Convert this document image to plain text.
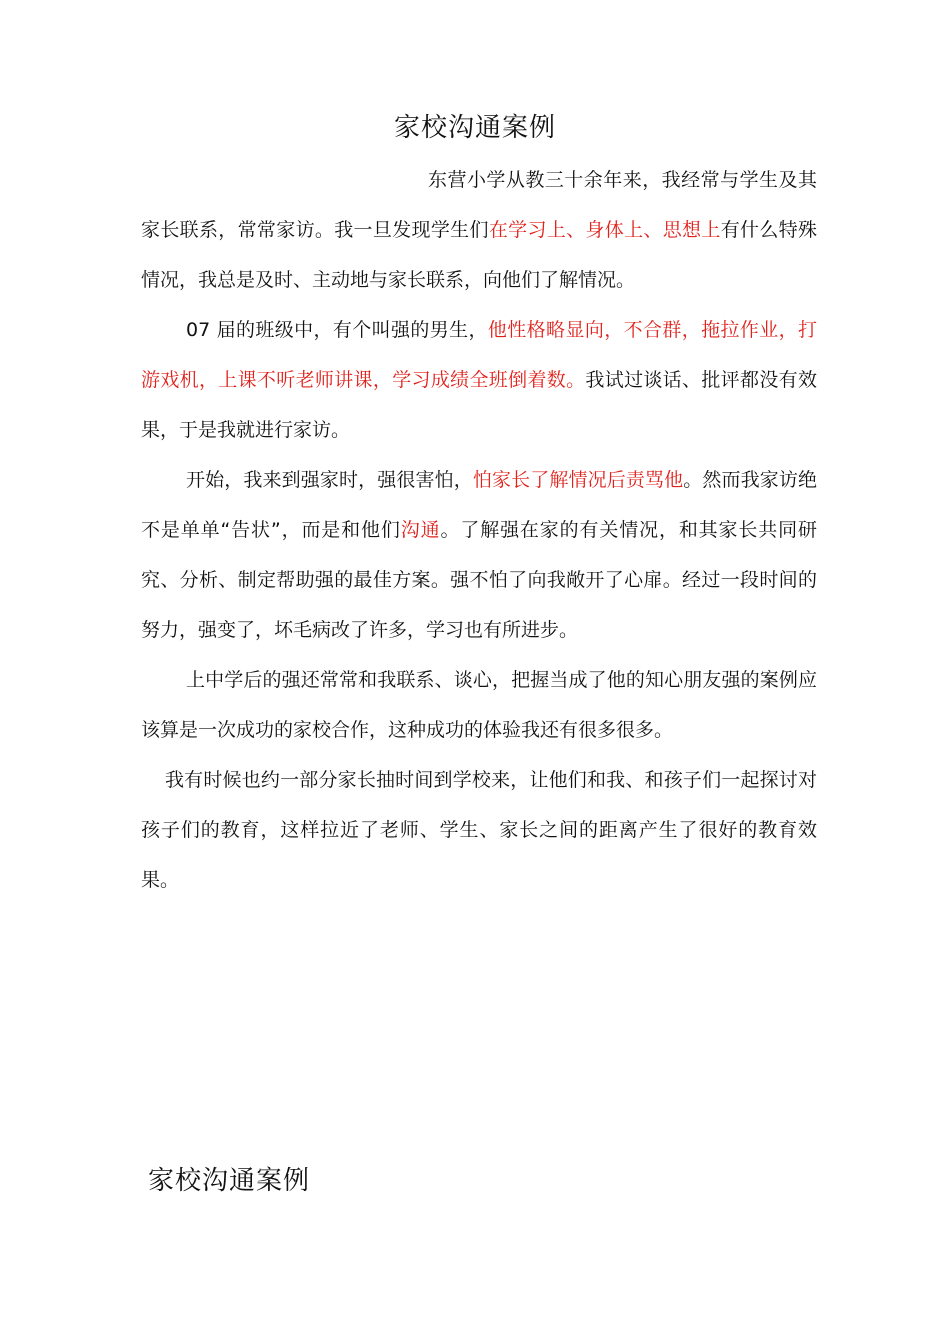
家校沟通案例

东营小学从教三十余年来，我经常与学生及其家长联系，常常家访。我一旦发现学生们在学习上、身体上、思想上有什么特殊情况，我总是及时、主动地与家长联系，向他们了解情况。

07 届的班级中，有个叫强的男生，他性格略显向，不合群，拖拉作业，打游戏机，上课不听老师讲课，学习成绩全班倒着数。我试过谈话、批评都没有效果，于是我就进行家访。

开始，我来到强家时，强很害怕，怕家长了解情况后责骂他。然而我家访绝不是单单“告状”，而是和他们沟通。了解强在家的有关情况，和其家长共同研究、分析、制定帮助强的最佳方案。强不怕了向我敞开了心扉。经过一段时间的努力，强变了，坏毛病改了许多，学习也有所进步。

上中学后的强还常常和我联系、谈心，把握当成了他的知心朋友强的案例应该算是一次成功的家校合作，这种成功的体验我还有很多很多。

我有时候也约一部分家长抽时间到学校来，让他们和我、和孩子们一起探讨对孩子们的教育，这样拉近了老师、学生、家长之间的距离产生了很好的教育效果。

家校沟通案例
